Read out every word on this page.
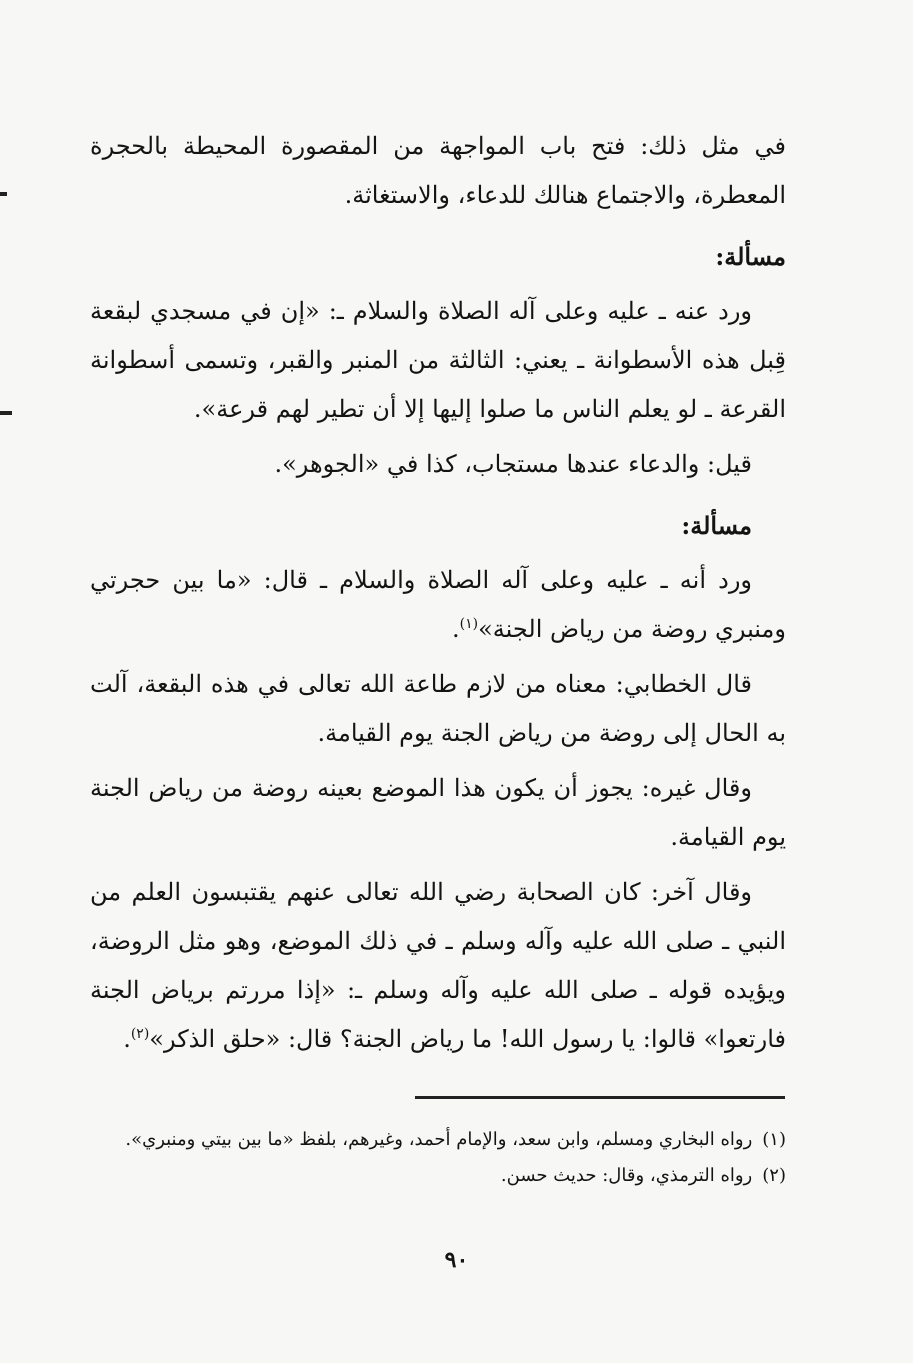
في مثل ذلك: فتح باب المواجهة من المقصورة المحيطة بالحجرة المعطرة، والاجتماع هنالك للدعاء، والاستغاثة.

مسألة:

ورد عنه ـ عليه وعلى آله الصلاة والسلام ـ: «إن في مسجدي لبقعة قِبل هذه الأسطوانة ـ يعني: الثالثة من المنبر والقبر، وتسمى أسطوانة القرعة ـ لو يعلم الناس ما صلوا إليها إلا أن تطير لهم قرعة».

قيل: والدعاء عندها مستجاب، كذا في «الجوهر».

مسألة:

ورد أنه ـ عليه وعلى آله الصلاة والسلام ـ قال: «ما بين حجرتي ومنبري روضة من رياض الجنة»$^{(١)}$.

قال الخطابي: معناه من لازم طاعة الله تعالى في هذه البقعة، آلت به الحال إلى روضة من رياض الجنة يوم القيامة.

وقال غيره: يجوز أن يكون هذا الموضع بعينه روضة من رياض الجنة يوم القيامة.

وقال آخر: كان الصحابة رضي الله تعالى عنهم يقتبسون العلم من النبي ـ صلى الله عليه وآله وسلم ـ في ذلك الموضع، وهو مثل الروضة، ويؤيده قوله ـ صلى الله عليه وآله وسلم ـ: «إذا مررتم برياض الجنة فارتعوا» قالوا: يا رسول الله! ما رياض الجنة؟ قال: «حلق الذكر»$^{(٢)}$.

(١)رواه البخاري ومسلم، وابن سعد، والإمام أحمد، وغيرهم، بلفظ «ما بين بيتي ومنبري».

(٢)رواه الترمذي، وقال: حديث حسن.

٩٠
